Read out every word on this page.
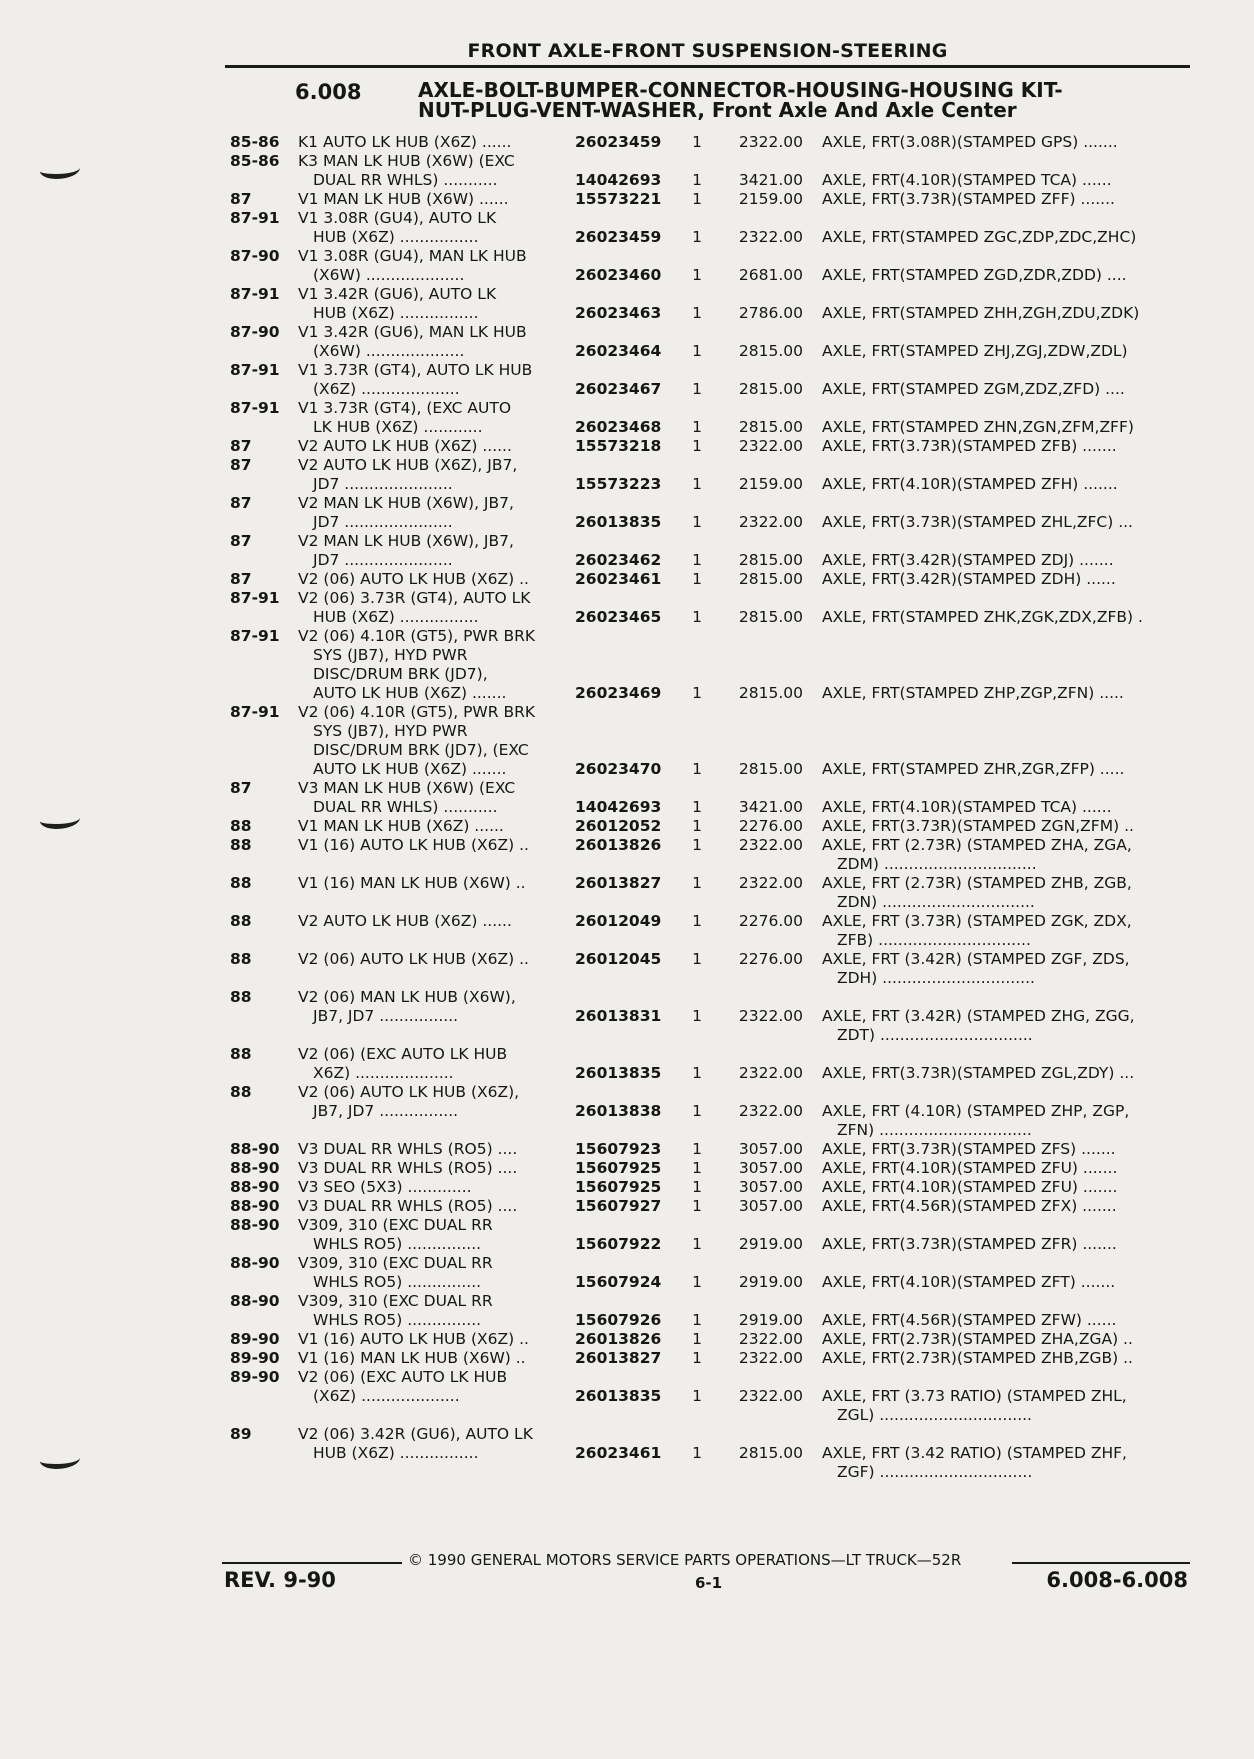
FRONT AXLE-FRONT SUSPENSION-STEERING
6.008	AXLE-BOLT-BUMPER-CONNECTOR-HOUSING-HOUSING KIT-
NUT-PLUG-VENT-WASHER, Front Axle And Axle Center
85-86	K1 AUTO LK HUB (X6Z) ......	26023459 1	2322.00 AXLE, FRT(3.08R)(STAMPED GPS) .......
85-86	K3 MAN LK HUB (X6W) (EXC
DUAL RR WHLS) ...........	14042693 1	3421.00 AXLE, FRT(4.10R)(STAMPED TCA) ......
87	V1 MAN LK HUB (X6W) ......	15573221 1	2159.00 AXLE, FRT(3.73R)(STAMPED ZFF) .......
87-91	V1 3.08R (GU4), AUTO LK
HUB (X6Z) ................	26023459 1	2322.00 AXLE, FRT(STAMPED ZGC,ZDP,ZDC,ZHC)
87-90	V1 3.08R (GU4), MAN LK HUB
(X6W) ....................	26023460 1	2681.00 AXLE, FRT(STAMPED ZGD,ZDR,ZDD) ....
87-91	V1 3.42R (GU6), AUTO LK
HUB (X6Z) ................	26023463 1	2786.00 AXLE, FRT(STAMPED ZHH,ZGH,ZDU,ZDK)
87-90	V1 3.42R (GU6), MAN LK HUB
(X6W) ....................	26023464 1	2815.00 AXLE, FRT(STAMPED ZHJ,ZGJ,ZDW,ZDL)
87-91	V1 3.73R (GT4), AUTO LK HUB
(X6Z) ....................	26023467 1	2815.00 AXLE, FRT(STAMPED ZGM,ZDZ,ZFD) ....
87-91	V1 3.73R (GT4), (EXC AUTO
LK HUB (X6Z) ............	26023468 1	2815.00 AXLE, FRT(STAMPED ZHN,ZGN,ZFM,ZFF)
87	V2 AUTO LK HUB (X6Z) ......	15573218 1	2322.00 AXLE, FRT(3.73R)(STAMPED ZFB) .......
87	V2 AUTO LK HUB (X6Z), JB7,
JD7 ......................	15573223 1	2159.00 AXLE, FRT(4.10R)(STAMPED ZFH) .......
87	V2 MAN LK HUB (X6W), JB7,
JD7 ......................	26013835 1	2322.00 AXLE, FRT(3.73R)(STAMPED ZHL,ZFC) ...
87	V2 MAN LK HUB (X6W), JB7,
JD7 ......................	26023462 1	2815.00 AXLE, FRT(3.42R)(STAMPED ZDJ) .......
87	V2 (06) AUTO LK HUB (X6Z) ..	26023461 1	2815.00 AXLE, FRT(3.42R)(STAMPED ZDH) ......
87-91	V2 (06) 3.73R (GT4), AUTO LK
HUB (X6Z) ................	26023465 1	2815.00 AXLE, FRT(STAMPED ZHK,ZGK,ZDX,ZFB) .
87-91	V2 (06) 4.10R (GT5), PWR BRK
SYS (JB7), HYD PWR
DISC/DRUM BRK (JD7),
AUTO LK HUB (X6Z) .......	26023469 1	2815.00 AXLE, FRT(STAMPED ZHP,ZGP,ZFN) .....
87-91	V2 (06) 4.10R (GT5), PWR BRK
SYS (JB7), HYD PWR
DISC/DRUM BRK (JD7), (EXC
AUTO LK HUB (X6Z) .......	26023470 1	2815.00 AXLE, FRT(STAMPED ZHR,ZGR,ZFP) .....
87	V3 MAN LK HUB (X6W) (EXC
DUAL RR WHLS) ...........	14042693 1	3421.00 AXLE, FRT(4.10R)(STAMPED TCA) ......
88	V1 MAN LK HUB (X6Z) ......	26012052 1	2276.00 AXLE, FRT(3.73R)(STAMPED ZGN,ZFM) ..
88	V1 (16) AUTO LK HUB (X6Z) ..	26013826 1	2322.00 AXLE, FRT (2.73R) (STAMPED ZHA, ZGA,
ZDM) ...............................
88	V1 (16) MAN LK HUB (X6W) ..	26013827 1	2322.00 AXLE, FRT (2.73R) (STAMPED ZHB, ZGB,
ZDN) ...............................
88	V2 AUTO LK HUB (X6Z) ......	26012049 1	2276.00 AXLE, FRT (3.73R) (STAMPED ZGK, ZDX,
ZFB) ...............................
88	V2 (06) AUTO LK HUB (X6Z) ..	26012045 1	2276.00 AXLE, FRT (3.42R) (STAMPED ZGF, ZDS,
ZDH) ...............................
88	V2 (06) MAN LK HUB (X6W),
JB7, JD7 ................	26013831 1	2322.00 AXLE, FRT (3.42R) (STAMPED ZHG, ZGG,
ZDT) ...............................
88	V2 (06) (EXC AUTO LK HUB
X6Z) ....................	26013835 1	2322.00 AXLE, FRT(3.73R)(STAMPED ZGL,ZDY) ...
88	V2 (06) AUTO LK HUB (X6Z),
JB7, JD7 ................	26013838 1	2322.00 AXLE, FRT (4.10R) (STAMPED ZHP, ZGP,
ZFN) ...............................
88-90	V3 DUAL RR WHLS (RO5) ....	15607923 1	3057.00 AXLE, FRT(3.73R)(STAMPED ZFS) .......
88-90	V3 DUAL RR WHLS (RO5) ....	15607925 1	3057.00 AXLE, FRT(4.10R)(STAMPED ZFU) .......
88-90	V3 SEO (5X3) .............	15607925 1	3057.00 AXLE, FRT(4.10R)(STAMPED ZFU) .......
88-90	V3 DUAL RR WHLS (RO5) ....	15607927 1	3057.00 AXLE, FRT(4.56R)(STAMPED ZFX) .......
88-90	V309, 310 (EXC DUAL RR
WHLS RO5) ...............	15607922 1	2919.00 AXLE, FRT(3.73R)(STAMPED ZFR) .......
88-90	V309, 310 (EXC DUAL RR
WHLS RO5) ...............	15607924 1	2919.00 AXLE, FRT(4.10R)(STAMPED ZFT) .......
88-90	V309, 310 (EXC DUAL RR
WHLS RO5) ...............	15607926 1	2919.00 AXLE, FRT(4.56R)(STAMPED ZFW) ......
89-90	V1 (16) AUTO LK HUB (X6Z) ..	26013826 1	2322.00 AXLE, FRT(2.73R)(STAMPED ZHA,ZGA) ..
89-90	V1 (16) MAN LK HUB (X6W) ..	26013827 1	2322.00 AXLE, FRT(2.73R)(STAMPED ZHB,ZGB) ..
89-90	V2 (06) (EXC AUTO LK HUB
(X6Z) ....................	26013835 1	2322.00 AXLE, FRT (3.73 RATIO) (STAMPED ZHL,
ZGL) ...............................
89	V2 (06) 3.42R (GU6), AUTO LK
HUB (X6Z) ................	26023461 1	2815.00 AXLE, FRT (3.42 RATIO) (STAMPED ZHF,
ZGF) ...............................
© 1990 GENERAL MOTORS SERVICE PARTS OPERATIONS—LT TRUCK—52R
REV. 9-90	6-1	6.008-6.008
